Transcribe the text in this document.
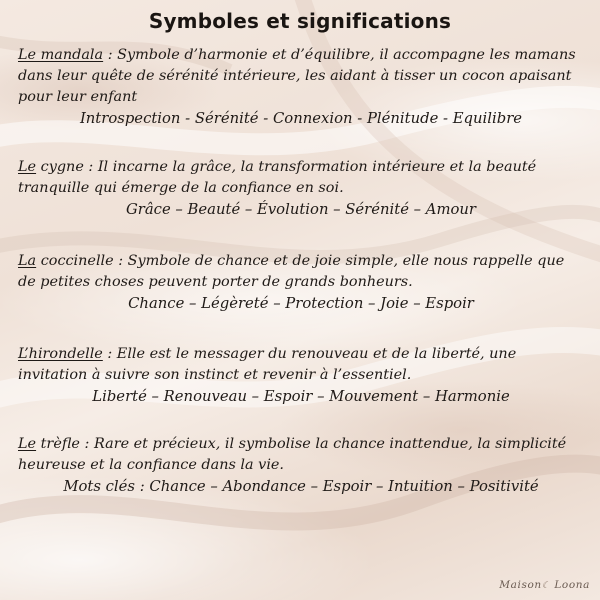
Symboles et significations
Le mandala : Symbole d’harmonie et d’équilibre, il accompagne les mamans dans leur quête de sérénité intérieure, les aidant à tisser un cocon apaisant pour leur enfant
Introspection - Sérénité - Connexion - Plénitude - Equilibre
Le cygne : Il incarne la grâce, la transformation intérieure et la beauté tranquille qui émerge de la confiance en soi.
Grâce – Beauté – Évolution – Sérénité – Amour
La coccinelle : Symbole de chance et de joie simple, elle nous rappelle que de petites choses peuvent porter de grands bonheurs.
Chance – Légèreté – Protection – Joie – Espoir
L’hirondelle : Elle est le messager du renouveau et de la liberté, une invitation à suivre son instinct et revenir à l’essentiel.
Liberté – Renouveau – Espoir – Mouvement – Harmonie
Le trèfle : Rare et précieux, il symbolise la chance inattendue, la simplicité heureuse et la confiance dans la vie.
Mots clés : Chance – Abondance – Espoir – Intuition – Positivité
Maison☾ Loona
